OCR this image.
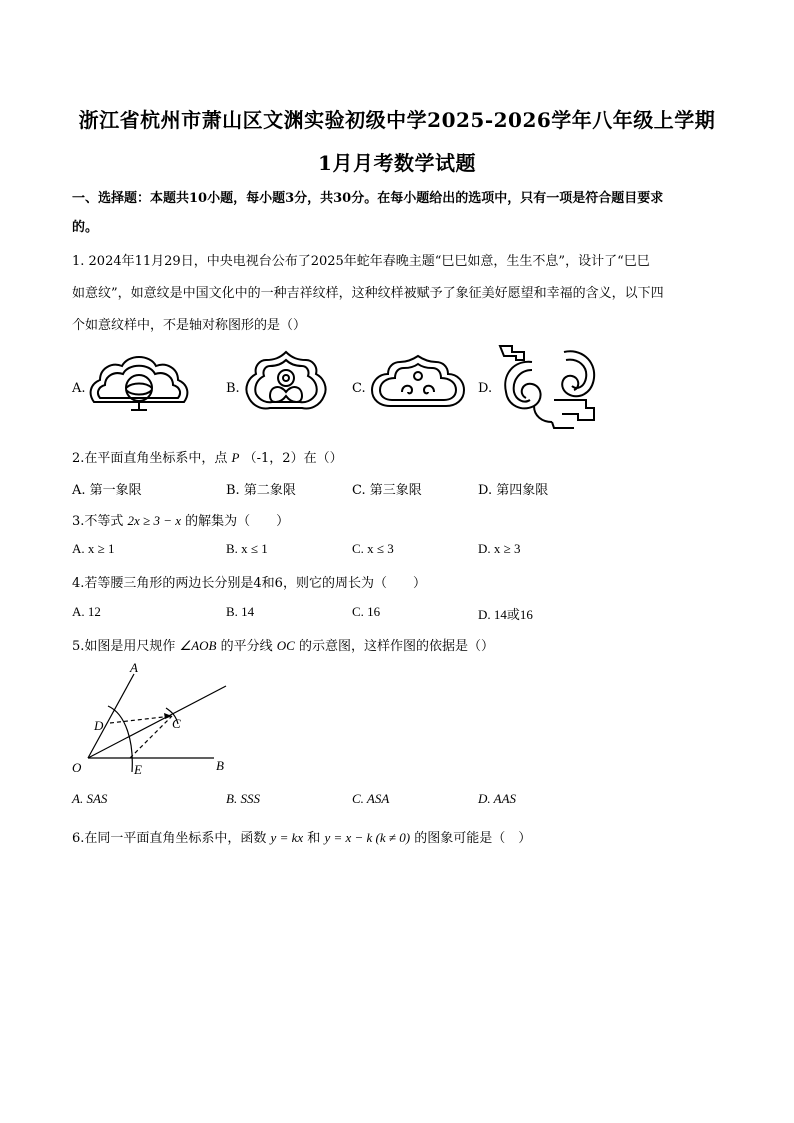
浙江省杭州市萧山区文渊实验初级中学2025-2026学年八年级上学期
1月月考数学试题
一、选择题：本题共10小题，每小题3分，共30分。在每小题给出的选项中，只有一项是符合题目要求
的。
1. 2024年11月29日，中央电视台公布了2025年蛇年春晚主题“巳巳如意，生生不息”，设计了“巳巳
如意纹”，如意纹是中国文化中的一种吉祥纹样，这种纹样被赋予了象征美好愿望和幸福的含义，以下四
个如意纹样中，不是轴对称图形的是（）
A.	B.	C.	D.
2.在平面直角坐标系中，点 P （-1，2）在（）
A. 第一象限	B. 第二象限	C. 第三象限	D. 第四象限
3.不等式 2x ≥ 3 − x 的解集为（　　）
A. x ≥ 1	B. x ≤ 1	C. x ≤ 3	D. x ≥ 3
4.若等腰三角形的两边长分别是4和6，则它的周长为（　　）
A. 12	B. 14	C. 16	D. 14或16
5.如图是用尺规作 ∠AOB 的平分线 OC 的示意图，这样作图的依据是（）
A
D	C
O	E	B
A. SAS	B. SSS	C. ASA	D. AAS
6.在同一平面直角坐标系中，函数 y = kx 和 y = x − k (k ≠ 0) 的图象可能是（　）
